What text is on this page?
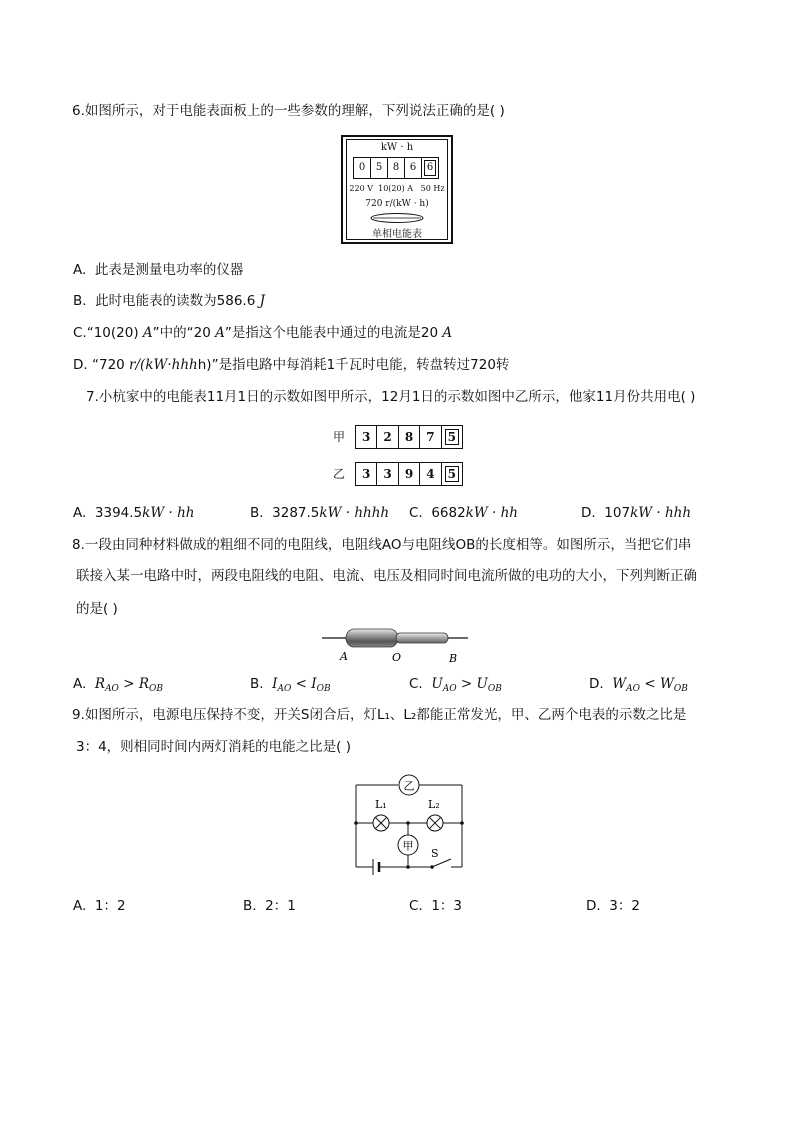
6.如图所示，对于电能表面板上的一些参数的理解，下列说法正确的是( )
kW · h
0	5	8	6	6
220 V  10(20) A   50 Hz
720 r/(kW · h)
单相电能表
A. 此表是测量电功率的仪器
B. 此时电能表的读数为586.6 J
C.“10(20) A”中的“20 A”是指这个电能表中通过的电流是20 A
D. “720 r/(kW·hhhh)”是指电路中每消耗1千瓦时电能，转盘转过720转
7.小杭家中的电能表11月1日的示数如图甲所示，12月1日的示数如图中乙所示，他家11月份共用电( )
甲	3	2	8	7	5
乙	3	3	9	4	5
A. 3394.5kW · hh	B. 3287.5kW · hhhh C. 6682kW · hh	D. 107kW · hhh
8.一段由同种材料做成的粗细不同的电阻线，电阻线AO与电阻线OB的长度相等。如图所示，当把它们串
联接入某一电路中时，两段电阻线的电阻、电流、电压及相同时间电流所做的电功的大小，下列判断正确
的是( )
A	O	B
A. $R_{AO} > R_{OB}$	B. $I_{AO} < I_{OB}$	C. $U_{AO} > U_{OB}$	D. $W_{AO} < W_{OB}$
9.如图所示，电源电压保持不变，开关S闭合后，灯L₁、L₂都能正常发光，甲、乙两个电表的示数之比是
3：4，则相同时间内两灯消耗的电能之比是( )
乙
L₁	L₂
甲
S
A. 1：2	B. 2：1	C. 1：3	D. 3：2
